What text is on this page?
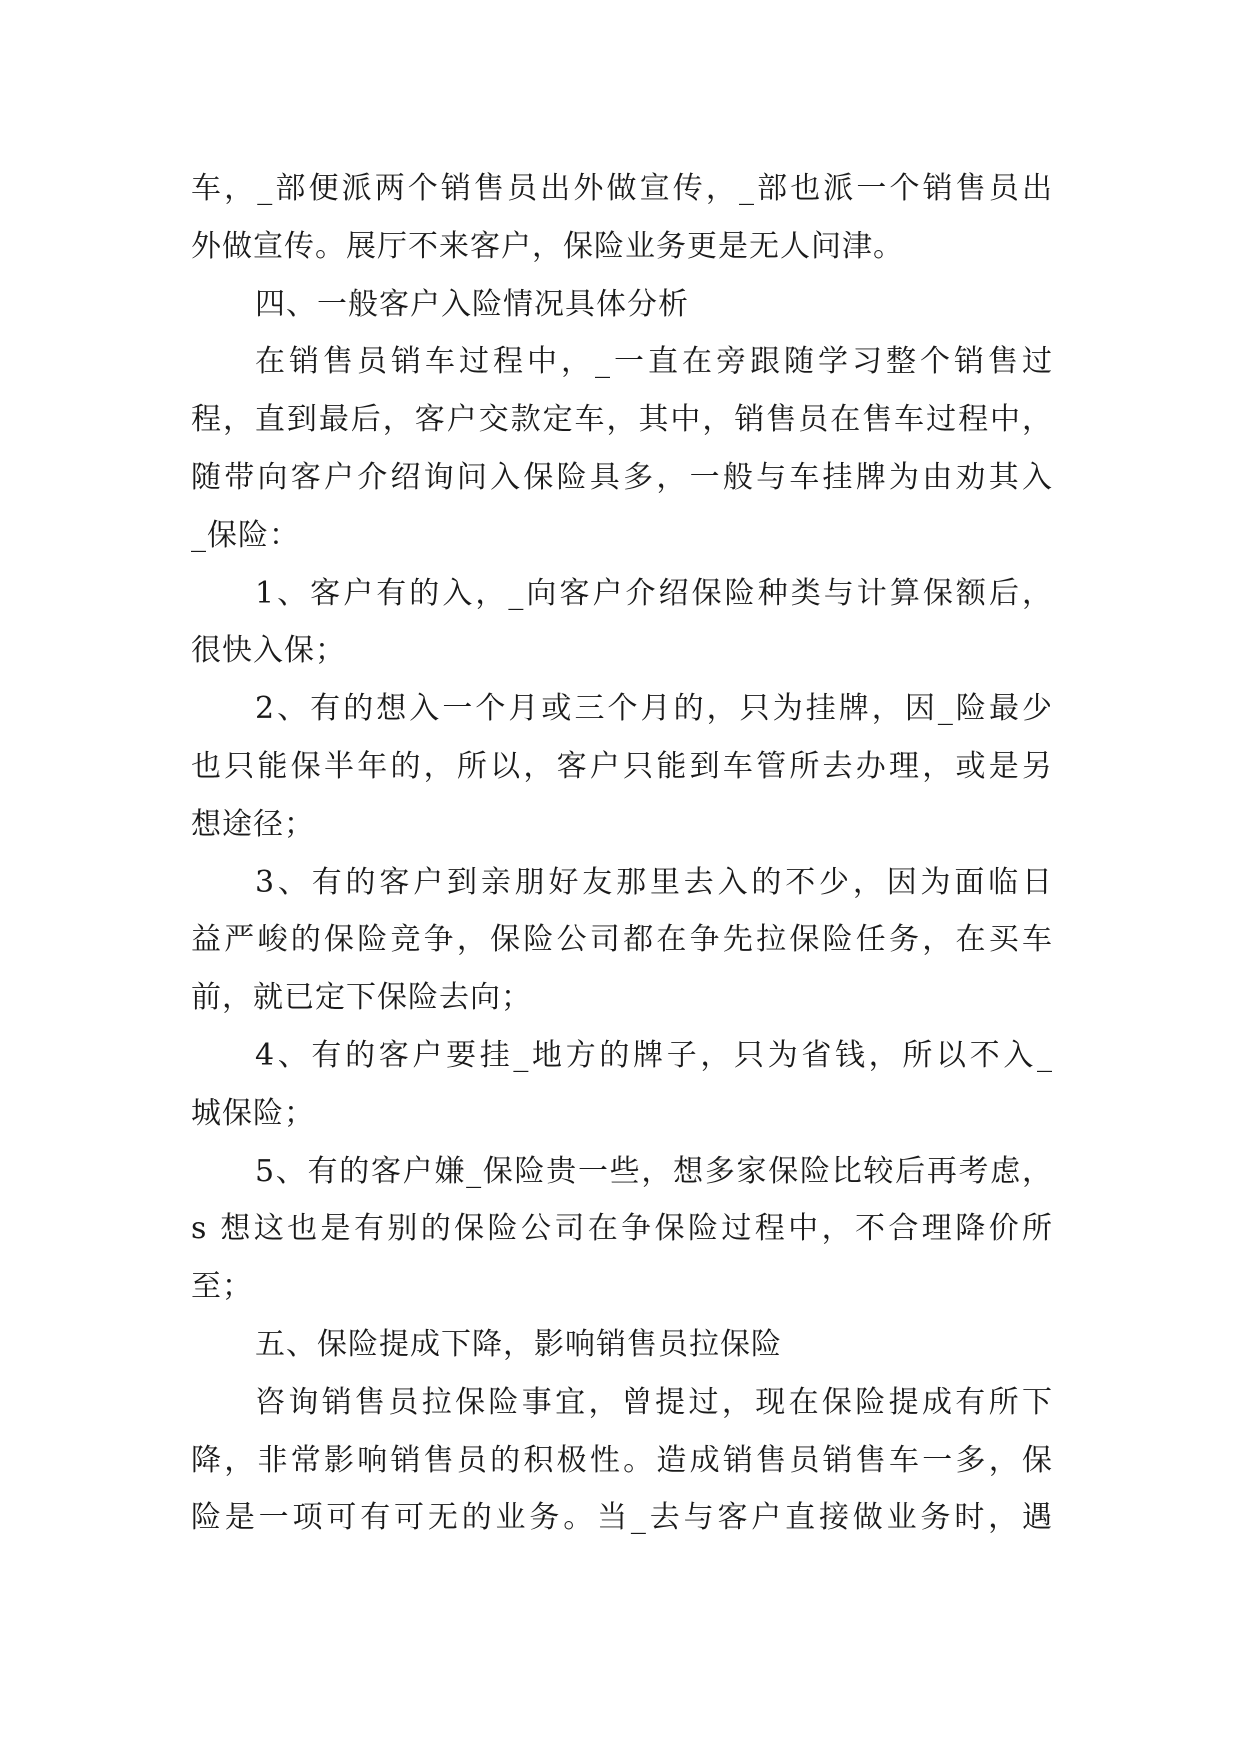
车，_部便派两个销售员出外做宣传，_部也派一个销售员出
外做宣传。展厅不来客户，保险业务更是无人问津。
四、一般客户入险情况具体分析
在销售员销车过程中，_一直在旁跟随学习整个销售过
程，直到最后，客户交款定车，其中，销售员在售车过程中，
随带向客户介绍询问入保险具多，一般与车挂牌为由劝其入
_保险：
1、客户有的入，_向客户介绍保险种类与计算保额后，
很快入保；
2、有的想入一个月或三个月的，只为挂牌，因_险最少
也只能保半年的，所以，客户只能到车管所去办理，或是另
想途径；
3、有的客户到亲朋好友那里去入的不少，因为面临日
益严峻的保险竞争，保险公司都在争先拉保险任务，在买车
前，就已定下保险去向；
4、有的客户要挂_地方的牌子，只为省钱，所以不入_
城保险；
5、有的客户嫌_保险贵一些，想多家保险比较后再考虑，
s 想这也是有别的保险公司在争保险过程中，不合理降价所
至；
五、保险提成下降，影响销售员拉保险
咨询销售员拉保险事宜，曾提过，现在保险提成有所下
降，非常影响销售员的积极性。造成销售员销售车一多，保
险是一项可有可无的业务。当_去与客户直接做业务时，遇
